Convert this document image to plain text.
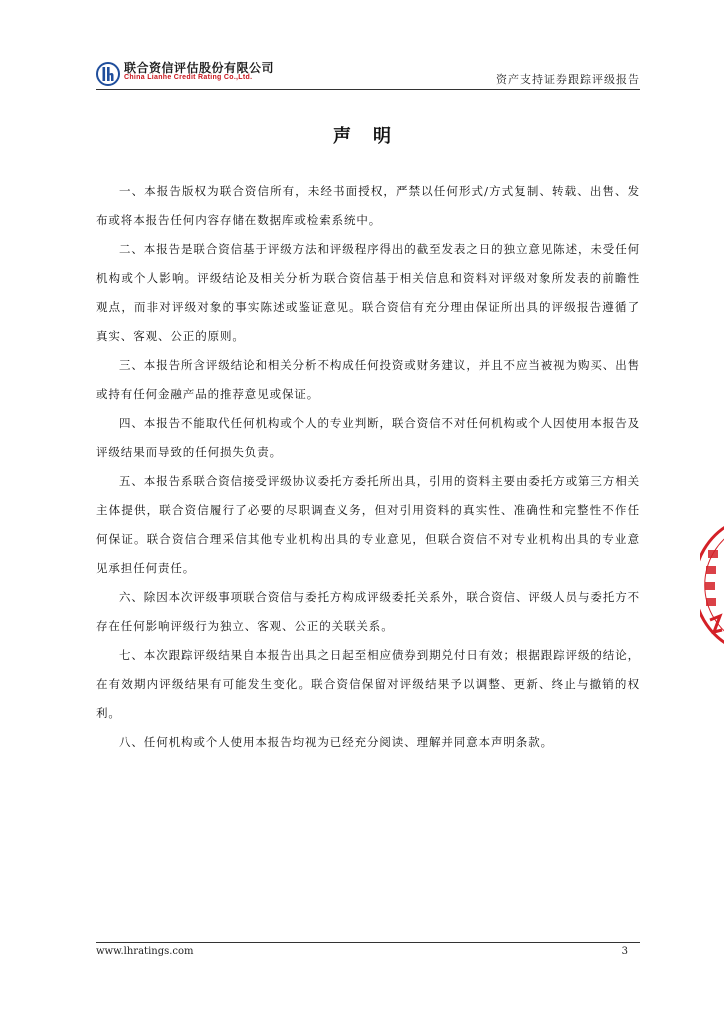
联合资信评估股份有限公司
China Lianhe Credit Rating Co.,Ltd.	资产支持证券跟踪评级报告
声明

一、本报告版权为联合资信所有，未经书面授权，严禁以任何形式/方式复制、转载、出售、发布或将本报告任何内容存储在数据库或检索系统中。

二、本报告是联合资信基于评级方法和评级程序得出的截至发表之日的独立意见陈述，未受任何机构或个人影响。评级结论及相关分析为联合资信基于相关信息和资料对评级对象所发表的前瞻性观点，而非对评级对象的事实陈述或鉴证意见。联合资信有充分理由保证所出具的评级报告遵循了真实、客观、公正的原则。

三、本报告所含评级结论和相关分析不构成任何投资或财务建议，并且不应当被视为购买、出售或持有任何金融产品的推荐意见或保证。

四、本报告不能取代任何机构或个人的专业判断，联合资信不对任何机构或个人因使用本报告及评级结果而导致的任何损失负责。

五、本报告系联合资信接受评级协议委托方委托所出具，引用的资料主要由委托方或第三方相关主体提供，联合资信履行了必要的尽职调查义务，但对引用资料的真实性、准确性和完整性不作任何保证。联合资信合理采信其他专业机构出具的专业意见，但联合资信不对专业机构出具的专业意见承担任何责任。

六、除因本次评级事项联合资信与委托方构成评级委托关系外，联合资信、评级人员与委托方不存在任何影响评级行为独立、客观、公正的关联关系。

七、本次跟踪评级结果自本报告出具之日起至相应债券到期兑付日有效；根据跟踪评级的结论，在有效期内评级结果有可能发生变化。联合资信保留对评级结果予以调整、更新、终止与撤销的权利。

八、任何机构或个人使用本报告均视为已经充分阅读、理解并同意本声明条款。

www.lhratings.com	3
